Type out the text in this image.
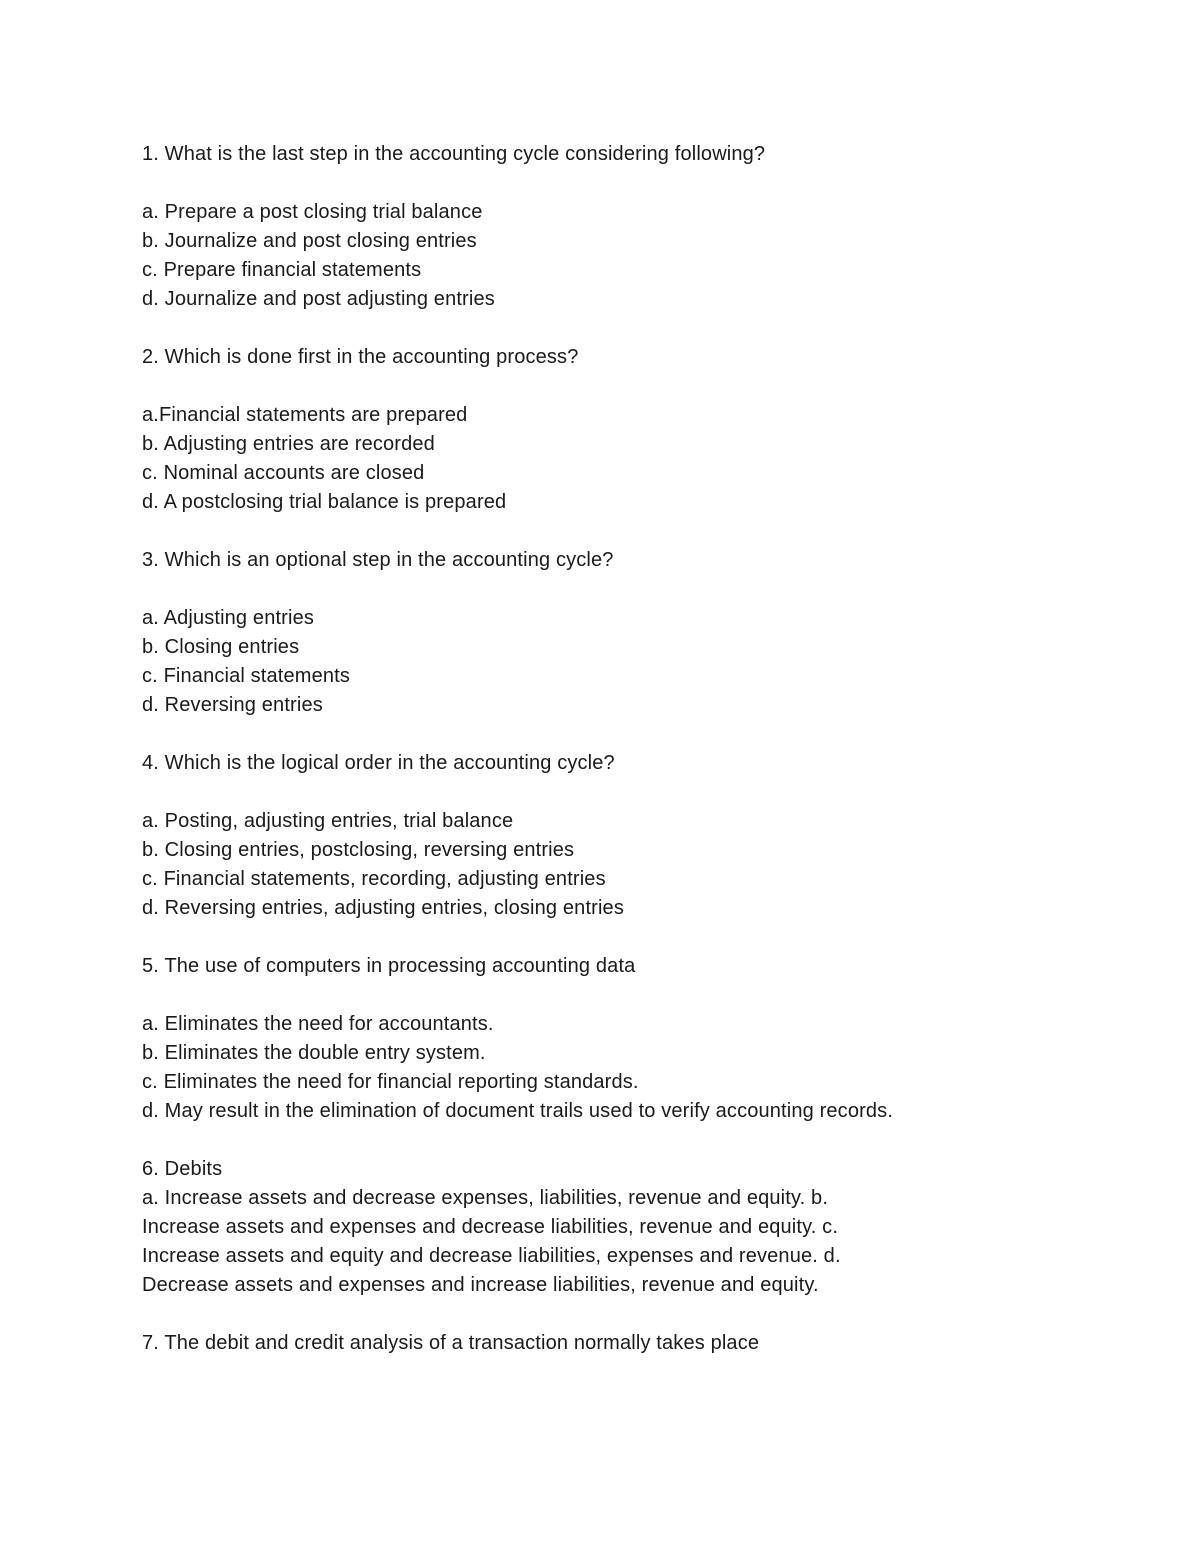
1. What is the last step in the accounting cycle considering following?
a. Prepare a post closing trial balance
b. Journalize and post closing entries
c. Prepare financial statements
d. Journalize and post adjusting entries
2. Which is done first in the accounting process?
a.Financial statements are prepared
b. Adjusting entries are recorded
c. Nominal accounts are closed
d. A postclosing trial balance is prepared
3. Which is an optional step in the accounting cycle?
a. Adjusting entries
b. Closing entries
c. Financial statements
d. Reversing entries
4. Which is the logical order in the accounting cycle?
a. Posting, adjusting entries, trial balance
b. Closing entries, postclosing, reversing entries
c. Financial statements, recording, adjusting entries
d. Reversing entries, adjusting entries, closing entries
5. The use of computers in processing accounting data
a. Eliminates the need for accountants.
b. Eliminates the double entry system.
c. Eliminates the need for financial reporting standards.
d. May result in the elimination of document trails used to verify accounting records.
6. Debits
a. Increase assets and decrease expenses, liabilities, revenue and equity. b.
Increase assets and expenses and decrease liabilities, revenue and equity. c.
Increase assets and equity and decrease liabilities, expenses and revenue. d.
Decrease assets and expenses and increase liabilities, revenue and equity.
7. The debit and credit analysis of a transaction normally takes place
